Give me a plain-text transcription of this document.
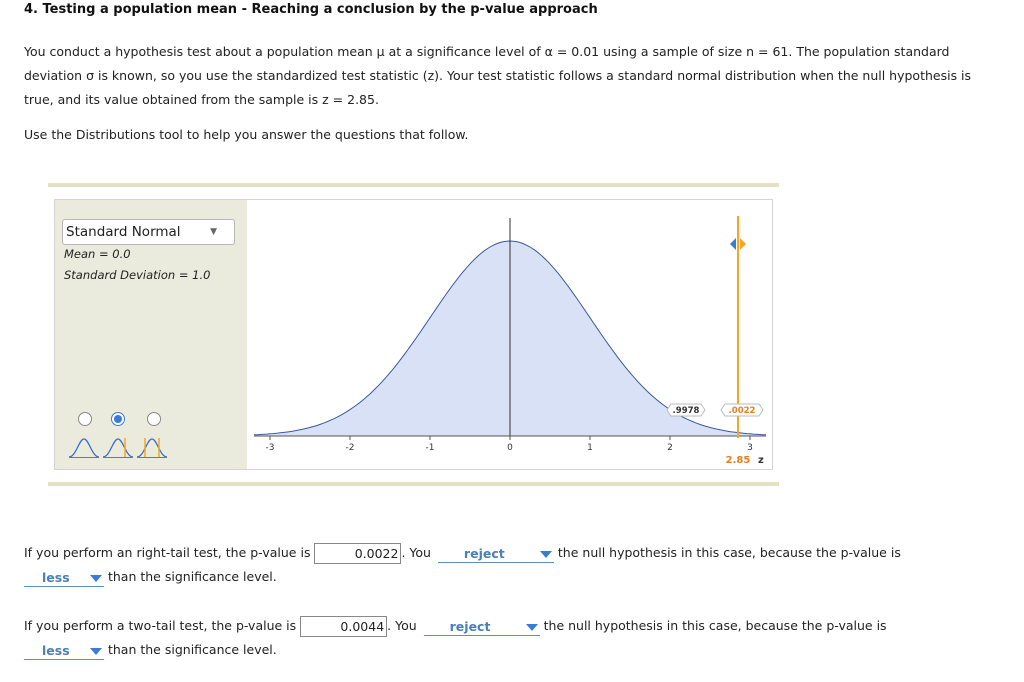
4. Testing a population mean - Reaching a conclusion by the p-value approach

You conduct a hypothesis test about a population mean μ at a significance level of α = 0.01 using a sample of size n = 61. The population standard deviation σ is known, so you use the standardized test statistic (z). Your test statistic follows a standard normal distribution when the null hypothesis is true, and its value obtained from the sample is z = 2.85.

Use the Distributions tool to help you answer the questions that follow.

Standard Normal	▼
Mean = 0.0
Standard Deviation = 1.0
-3	-2	-1	0	1	2	3
.9978	.0022
2.85 z
If you perform an right-tail test, the p-value is	0.0022 . You	reject	the null hypothesis in this case, because the p-value is
less	than the significance level.
If you perform a two-tail test, the p-value is	0.0044 . You	reject	the null hypothesis in this case, because the p-value is
less	than the significance level.
